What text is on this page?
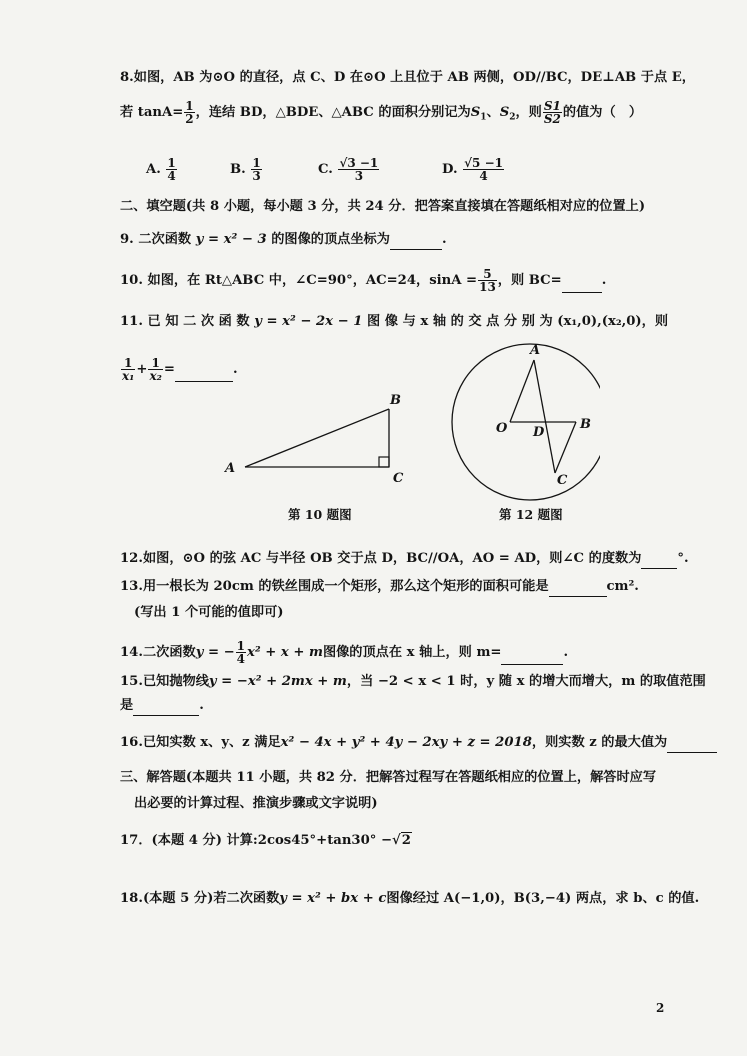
8.如图，AB 为⊙O 的直径，点 C、D 在⊙O 上且位于 AB 两侧，OD//BC，DE⊥AB 于点 E，
若 $\tan A= \frac{1}{2}$ ，连结 BD，△BDE、△ABC 的面积分别记为$S_1$、$S_2$，则 $\frac{S1}{S2}$ 的值为（　）
A. $\frac{1}{4}$	B. $\frac{1}{3}$	C. $\frac{√3 -1}{3}$	D. $\frac{√5 -1}{4}$
二、填空题(共 8 小题，每小题 3 分，共 24 分．把答案直接填在答题纸相对应的位置上)
9. 二次函数 y = x² − 3 的图像的顶点坐标为	.
10. 如图，在 Rt△ABC 中，∠C=90°，AC=24，$\sin A = \frac{5}{13}$ ，则 BC=	.
11. 已 知 二 次 函 数 y = x² − 2x − 1 图 像 与 x 轴 的 交 点 分 别 为 (x₁,0),(x₂,0)，则
$\frac{1}{\text{x₁}} + \frac{1}{\text{x₂}}$ =	.
A
B
C
第 10 题图
A
O D
B
C
第 12 题图
12.如图，⊙O 的弦 AC 与半径 OB 交于点 D，BC//OA，AO = AD，则∠C 的度数为	°.
13.用一根长为 20cm 的铁丝围成一个矩形，那么这个矩形的面积可能是	cm².
(写出 1 个可能的值即可)
14.二次函数y = − $\frac{1}{4} x^2 + x + m$图像的顶点在 x 轴上，则 m=	.
15.已知抛物线y = −x² + 2mx + m，当 −2 < x < 1 时，y 随 x 的增大而增大，m 的取值范围
是	.
16.已知实数 x、y、z 满足x² − 4x + y² + 4y − 2xy + z = 2018，则实数 z 的最大值为
三、解答题(本题共 11 小题，共 82 分．把解答过程写在答题纸相应的位置上，解答时应写
出必要的计算过程、推演步骤或文字说明)
17．(本题 4 分) 计算:2cos45°+tan30° −√2
18.(本题 5 分)若二次函数y = x² + bx + c图像经过 A(−1,0)，B(3,−4) 两点，求 b、c 的值.
2
